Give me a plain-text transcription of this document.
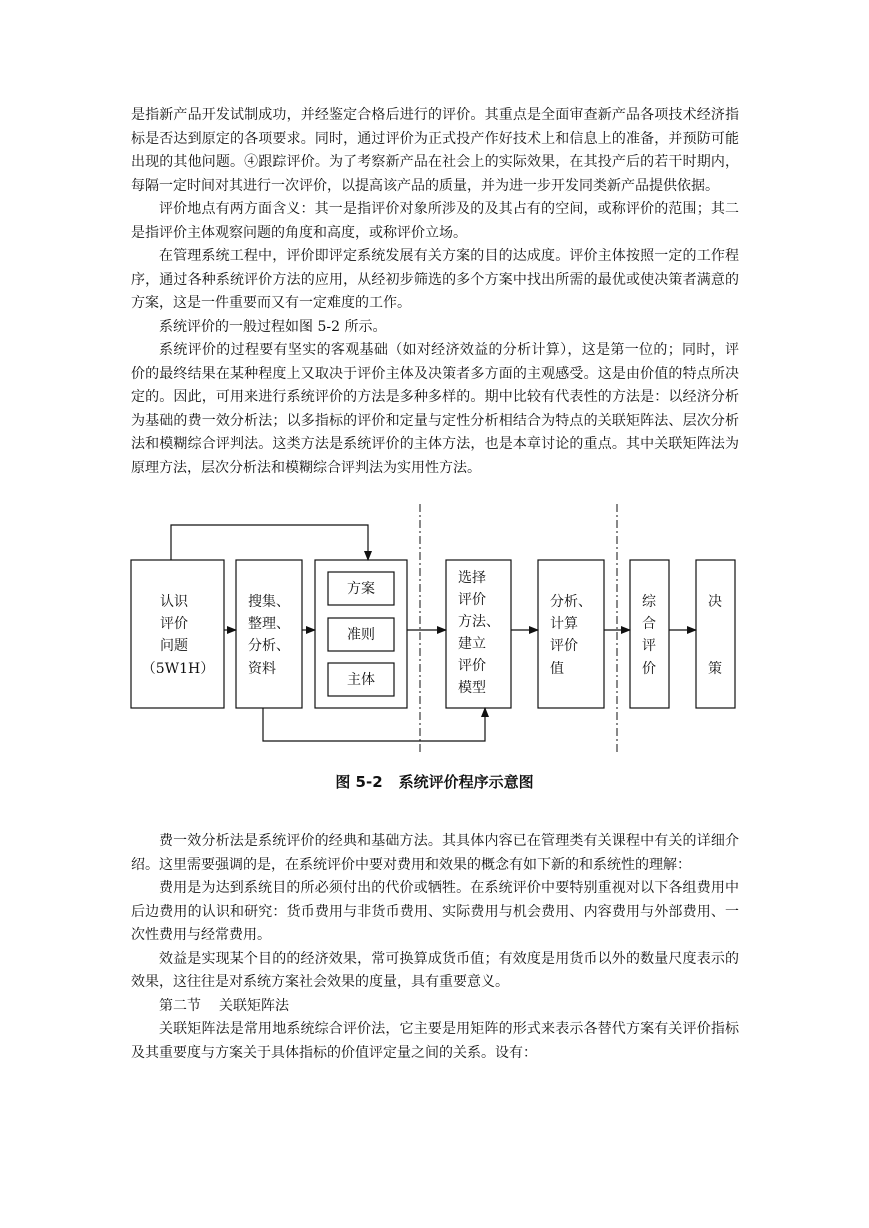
是指新产品开发试制成功，并经鉴定合格后进行的评价。其重点是全面审查新产品各项技术经济指标是否达到原定的各项要求。同时，通过评价为正式投产作好技术上和信息上的准备，并预防可能出现的其他问题。④跟踪评价。为了考察新产品在社会上的实际效果，在其投产后的若干时期内，每隔一定时间对其进行一次评价，以提高该产品的质量，并为进一步开发同类新产品提供依据。

评价地点有两方面含义：其一是指评价对象所涉及的及其占有的空间，或称评价的范围；其二是指评价主体观察问题的角度和高度，或称评价立场。

在管理系统工程中，评价即评定系统发展有关方案的目的达成度。评价主体按照一定的工作程序，通过各种系统评价方法的应用，从经初步筛选的多个方案中找出所需的最优或使决策者满意的方案，这是一件重要而又有一定难度的工作。

系统评价的一般过程如图 5-2 所示。

系统评价的过程要有坚实的客观基础（如对经济效益的分析计算），这是第一位的；同时，评价的最终结果在某种程度上又取决于评价主体及决策者多方面的主观感受。这是由价值的特点所决定的。因此，可用来进行系统评价的方法是多种多样的。期中比较有代表性的方法是：以经济分析为基础的费一效分析法；以多指标的评价和定量与定性分析相结合为特点的关联矩阵法、层次分析法和模糊综合评判法。这类方法是系统评价的主体方法，也是本章讨论的重点。其中关联矩阵法为原理方法，层次分析法和模糊综合评判法为实用性方法。

认识
评价
问题
（5W1H）
搜集、
整理、
分析、
资料
方案
准则
主体
选择
评价
方法、
建立
评价
模型
分析、
计算
评价
值
综
合
评
价
决
策
图 5-2 系统评价程序示意图

费一效分析法是系统评价的经典和基础方法。其具体内容已在管理类有关课程中有关的详细介绍。这里需要强调的是，在系统评价中要对费用和效果的概念有如下新的和系统性的理解：

费用是为达到系统目的所必须付出的代价或牺牲。在系统评价中要特别重视对以下各组费用中后边费用的认识和研究：货币费用与非货币费用、实际费用与机会费用、内容费用与外部费用、一次性费用与经常费用。

效益是实现某个目的的经济效果，常可换算成货币值；有效度是用货币以外的数量尺度表示的效果，这往往是对系统方案社会效果的度量，具有重要意义。

第二节 关联矩阵法

关联矩阵法是常用地系统综合评价法，它主要是用矩阵的形式来表示各替代方案有关评价指标及其重要度与方案关于具体指标的价值评定量之间的关系。设有：
